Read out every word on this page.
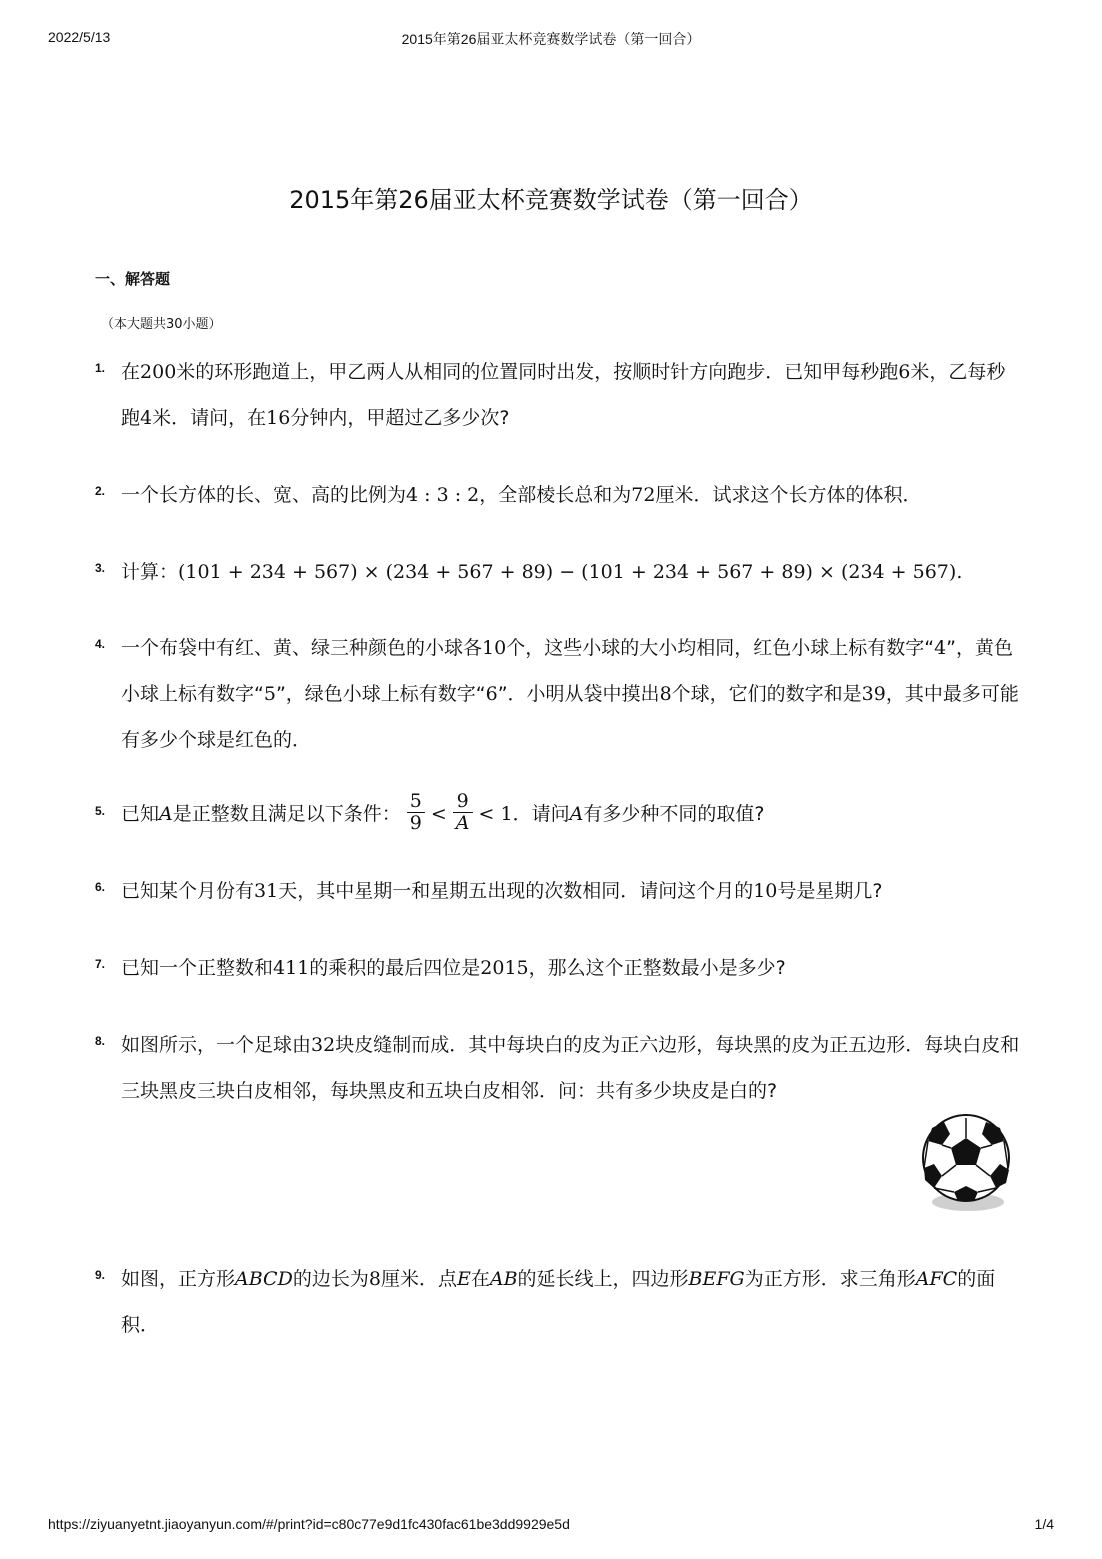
2022/5/13	2015年第26届亚太杯竞赛数学试卷（第一回合）
2015年第26届亚太杯竞赛数学试卷（第一回合）
一、解答题
（本大题共30小题）
1. 在200米的环形跑道上，甲乙两人从相同的位置同时出发，按顺时针方向跑步．已知甲每秒跑6米，乙每秒跑4米．请问，在16分钟内，甲超过乙多少次?
2. 一个长方体的长、宽、高的比例为4 : 3 : 2，全部棱长总和为72厘米．试求这个长方体的体积．
3. 计算：(101 + 234 + 567) × (234 + 567 + 89) − (101 + 234 + 567 + 89) × (234 + 567).
4. 一个布袋中有红、黄、绿三种颜色的小球各10个，这些小球的大小均相同，红色小球上标有数字“4”，黄色小球上标有数字“5”，绿色小球上标有数字“6”．小明从袋中摸出8个球，它们的数字和是39，其中最多可能有多少个球是红色的．
5. 已知A是正整数且满足以下条件： $\frac{5}{9} < \frac{9}{A} < 1$．请问A有多少种不同的取值?
6. 已知某个月份有31天，其中星期一和星期五出现的次数相同．请问这个月的10号是星期几?
7. 已知一个正整数和411的乘积的最后四位是2015，那么这个正整数最小是多少?
8. 如图所示，一个足球由32块皮缝制而成．其中每块白的皮为正六边形，每块黑的皮为正五边形．每块白皮和三块黑皮三块白皮相邻，每块黑皮和五块白皮相邻．问：共有多少块皮是白的?
9. 如图，正方形ABCD的边长为8厘米．点E在AB的延长线上，四边形BEFG为正方形．求三角形AFC的面积．
https://ziyuanyetnt.jiaoyanyun.com/#/print?id=c80c77e9d1fc430fac61be3dd9929e5d	1/4
